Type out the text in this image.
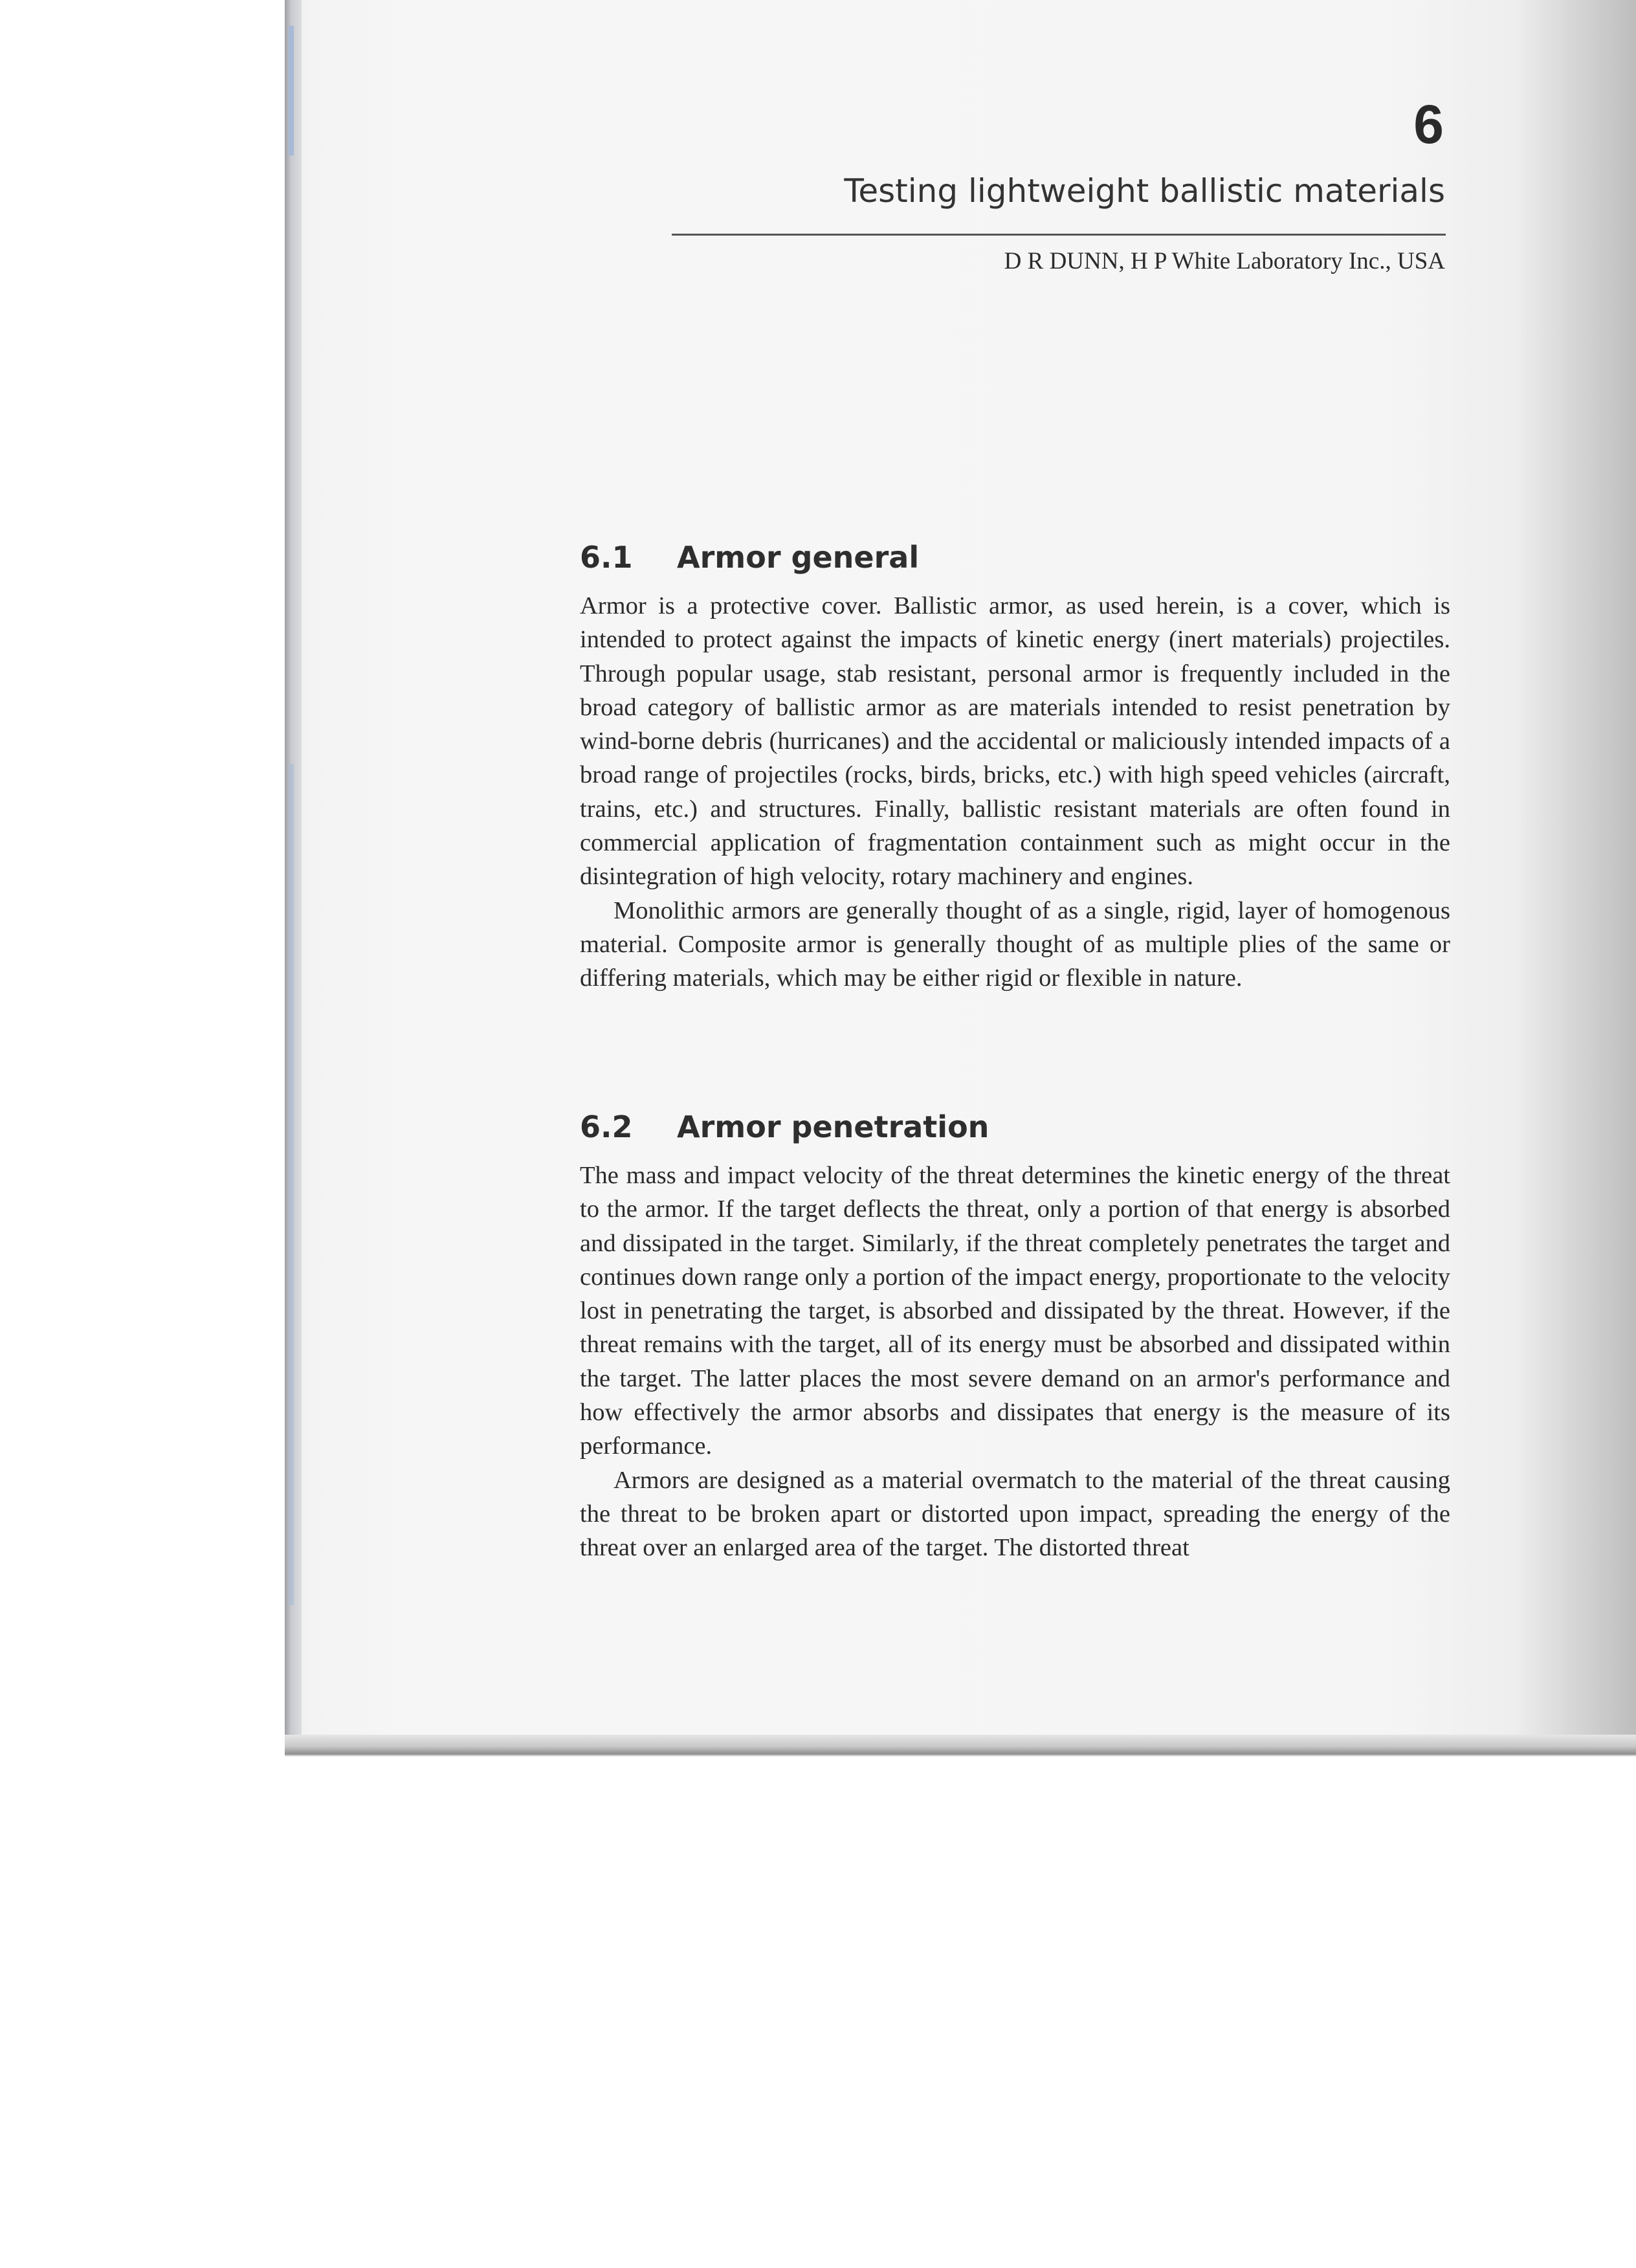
6
Testing lightweight ballistic materials
D R DUNN, H P White Laboratory Inc., USA
6.1 Armor general

Armor is a protective cover. Ballistic armor, as used herein, is a cover, which is intended to protect against the impacts of kinetic energy (inert materials) projectiles. Through popular usage, stab resistant, personal armor is frequently included in the broad category of ballistic armor as are materials intended to resist penetration by wind-borne debris (hurricanes) and the accidental or maliciously intended impacts of a broad range of projectiles (rocks, birds, bricks, etc.) with high speed vehicles (aircraft, trains, etc.) and structures. Finally, ballistic resistant materials are often found in commercial application of fragmentation containment such as might occur in the disintegration of high velocity, rotary machinery and engines.

Monolithic armors are generally thought of as a single, rigid, layer of homogenous material. Composite armor is generally thought of as multiple plies of the same or differing materials, which may be either rigid or flexible in nature.

6.2 Armor penetration

The mass and impact velocity of the threat determines the kinetic energy of the threat to the armor. If the target deflects the threat, only a portion of that energy is absorbed and dissipated in the target. Similarly, if the threat completely penetrates the target and continues down range only a portion of the impact energy, proportionate to the velocity lost in penetrating the target, is absorbed and dissipated by the threat. However, if the threat remains with the target, all of its energy must be absorbed and dissipated within the target. The latter places the most severe demand on an armor's performance and how effectively the armor absorbs and dissipates that energy is the measure of its performance.

Armors are designed as a material overmatch to the material of the threat causing the threat to be broken apart or distorted upon impact, spreading the energy of the threat over an enlarged area of the target. The distorted threat
